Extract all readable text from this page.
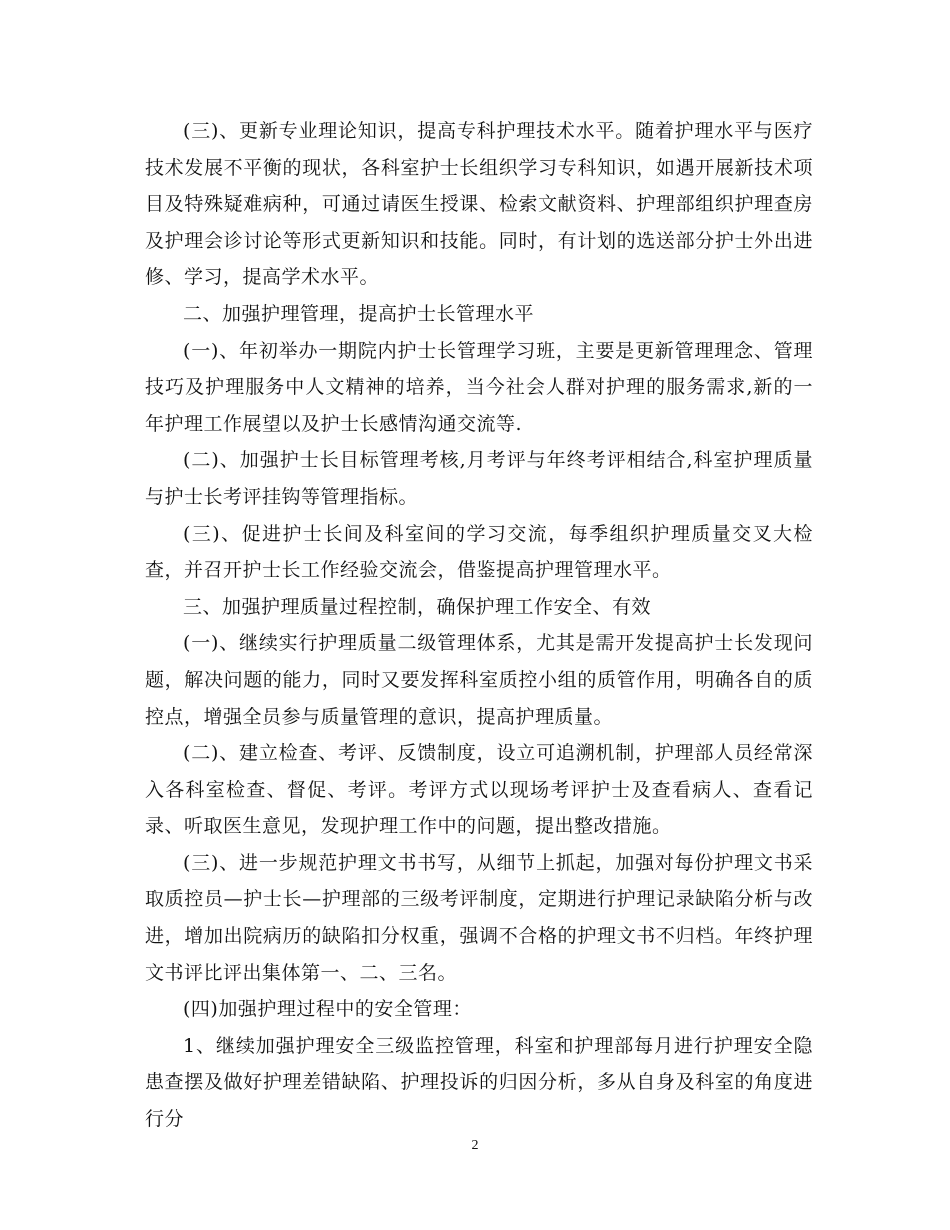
(三)、更新专业理论知识，提高专科护理技术水平。随着护理水平与医疗技术发展不平衡的现状，各科室护士长组织学习专科知识，如遇开展新技术项目及特殊疑难病种，可通过请医生授课、检索文献资料、护理部组织护理查房及护理会诊讨论等形式更新知识和技能。同时，有计划的选送部分护士外出进修、学习，提高学术水平。

二、加强护理管理，提高护士长管理水平

(一)、年初举办一期院内护士长管理学习班，主要是更新管理理念、管理技巧及护理服务中人文精神的培养，当今社会人群对护理的服务需求,新的一年护理工作展望以及护士长感情沟通交流等.

(二)、加强护士长目标管理考核,月考评与年终考评相结合,科室护理质量与护士长考评挂钩等管理指标。

(三)、促进护士长间及科室间的学习交流，每季组织护理质量交叉大检查，并召开护士长工作经验交流会，借鉴提高护理管理水平。

三、加强护理质量过程控制，确保护理工作安全、有效

(一)、继续实行护理质量二级管理体系，尤其是需开发提高护士长发现问题，解决问题的能力，同时又要发挥科室质控小组的质管作用，明确各自的质控点，增强全员参与质量管理的意识，提高护理质量。

(二)、建立检查、考评、反馈制度，设立可追溯机制，护理部人员经常深入各科室检查、督促、考评。考评方式以现场考评护士及查看病人、查看记录、听取医生意见，发现护理工作中的问题，提出整改措施。

(三)、进一步规范护理文书书写，从细节上抓起，加强对每份护理文书采取质控员—护士长—护理部的三级考评制度，定期进行护理记录缺陷分析与改进，增加出院病历的缺陷扣分权重，强调不合格的护理文书不归档。年终护理文书评比评出集体第一、二、三名。

(四)加强护理过程中的安全管理：

1、继续加强护理安全三级监控管理，科室和护理部每月进行护理安全隐患查摆及做好护理差错缺陷、护理投诉的归因分析，多从自身及科室的角度进行分

2
